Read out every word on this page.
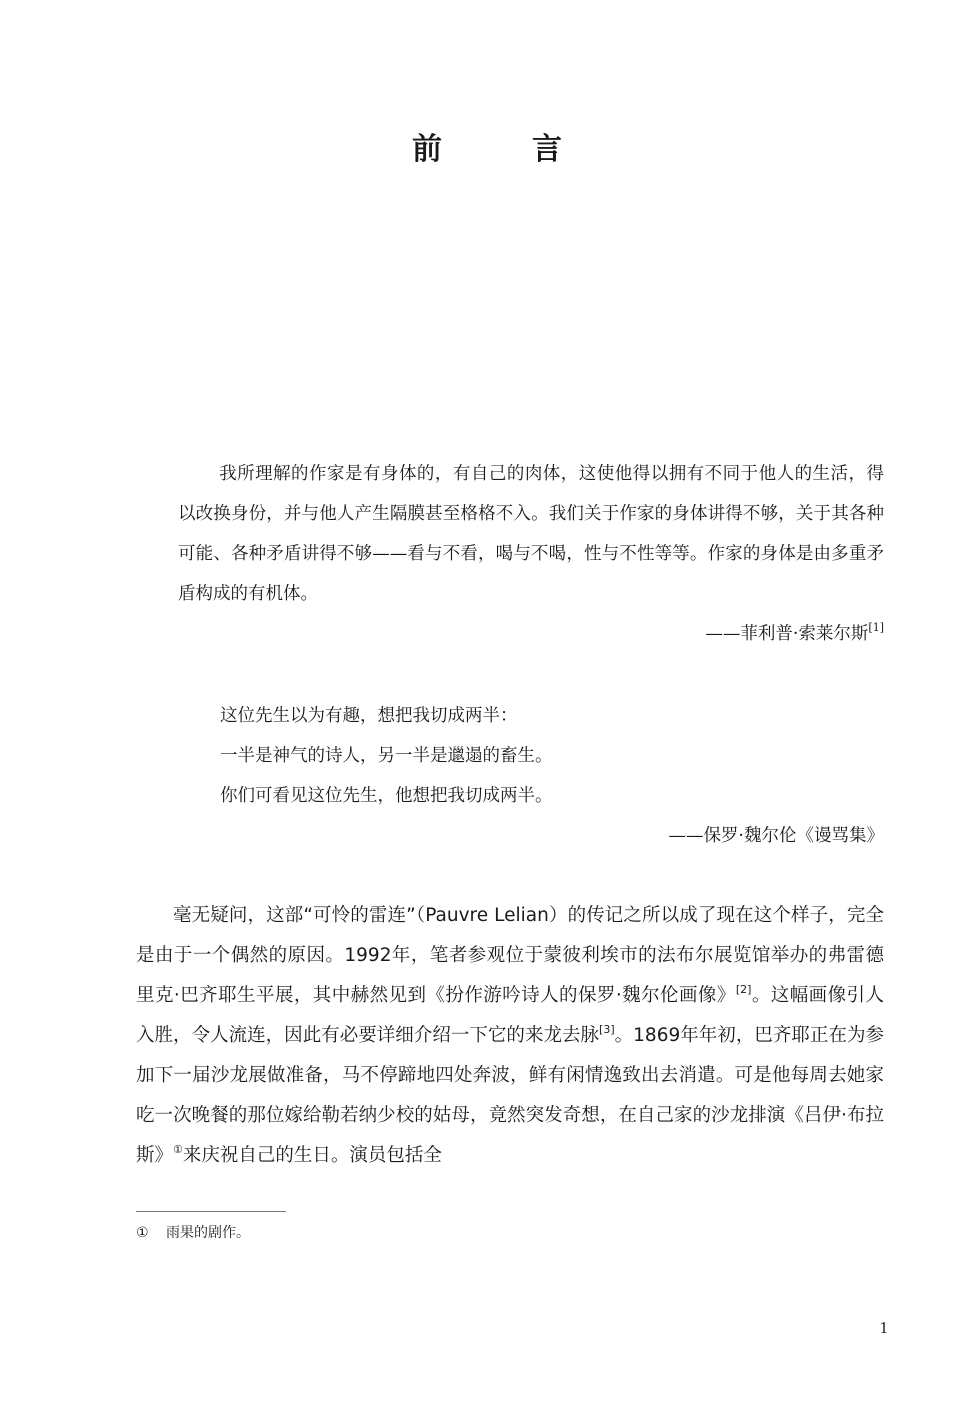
前　言

我所理解的作家是有身体的，有自己的肉体，这使他得以拥有不同于他人的生活，得以改换身份，并与他人产生隔膜甚至格格不入。我们关于作家的身体讲得不够，关于其各种可能、各种矛盾讲得不够——看与不看，喝与不喝，性与不性等等。作家的身体是由多重矛盾构成的有机体。

——菲利普·索莱尔斯[1]
这位先生以为有趣，想把我切成两半：
一半是神气的诗人，另一半是邋遢的畜生。
你们可看见这位先生，他想把我切成两半。
——保罗·魏尔伦《谩骂集》

毫无疑问，这部“可怜的雷连”（Pauvre Lelian）的传记之所以成了现在这个样子，完全是由于一个偶然的原因。1992年，笔者参观位于蒙彼利埃市的法布尔展览馆举办的弗雷德里克·巴齐耶生平展，其中赫然见到《扮作游吟诗人的保罗·魏尔伦画像》[2]。这幅画像引人入胜，令人流连，因此有必要详细介绍一下它的来龙去脉[3]。1869年年初，巴齐耶正在为参加下一届沙龙展做准备，马不停蹄地四处奔波，鲜有闲情逸致出去消遣。可是他每周去她家吃一次晚餐的那位嫁给勒若纳少校的姑母，竟然突发奇想，在自己家的沙龙排演《吕伊·布拉斯》①来庆祝自己的生日。演员包括全

① 雨果的剧作。
1
